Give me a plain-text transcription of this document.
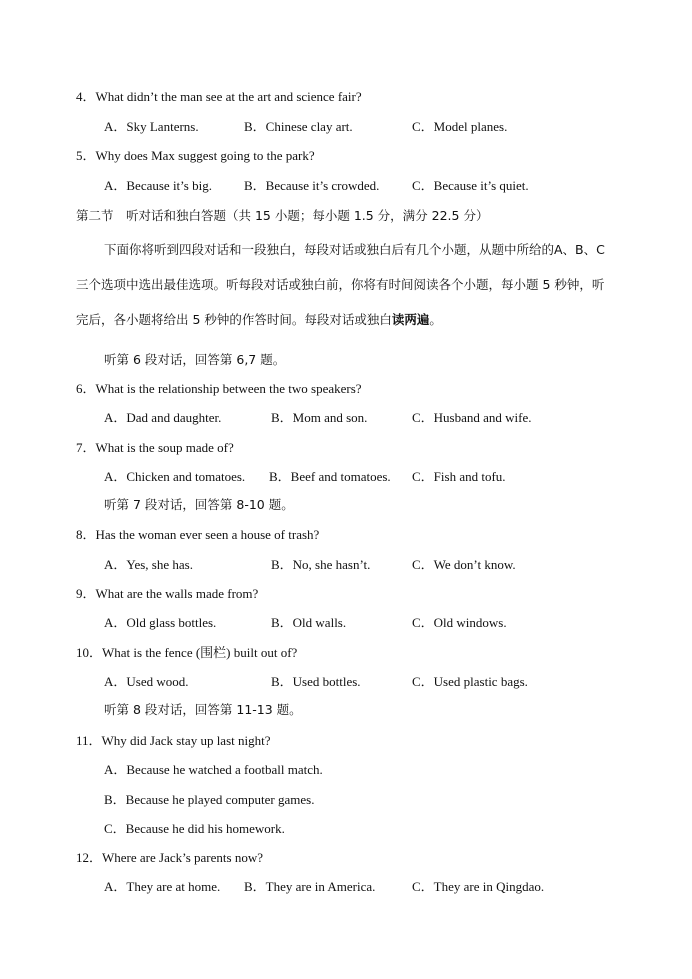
4．What didn’t the man see at the art and science fair?
A．Sky Lanterns.	B．Chinese clay art.	C．Model planes.
5．Why does Max suggest going to the park?
A．Because it’s big. B．Because it’s crowded.	C．Because it’s quiet.
第二节　听对话和独白答题（共 15 小题；每小题 1.5 分，满分 22.5 分）
下面你将听到四段对话和一段独白，每段对话或独白后有几个小题，从题中所给的A、B、C 三个选项中选出最佳选项。听每段对话或独白前，你将有时间阅读各个小题，每小题 5 秒钟，听完后，各小题将给出 5 秒钟的作答时间。每段对话或独白读两遍。
听第 6 段对话，回答第 6,7 题。
6．What is the relationship between the two speakers?
A．Dad and daughter.	B．Mom and son.	C．Husband and wife.
7．What is the soup made of?
A．Chicken and tomatoes. B．Beef and tomatoes. C．Fish and tofu.
听第 7 段对话，回答第 8-10 题。
8．Has the woman ever seen a house of trash?
A．Yes, she has.	B．No, she hasn’t.	C．We don’t know.
9．What are the walls made from?
A．Old glass bottles.	B．Old walls.	C．Old windows.
10．What is the fence (围栏) built out of?
A．Used wood.	B．Used bottles.	C．Used plastic bags.
听第 8 段对话，回答第 11-13 题。
11．Why did Jack stay up last night?
A．Because he watched a football match.
B．Because he played computer games.
C．Because he did his homework.
12．Where are Jack’s parents now?
A．They are at home. B．They are in America.	C．They are in Qingdao.
